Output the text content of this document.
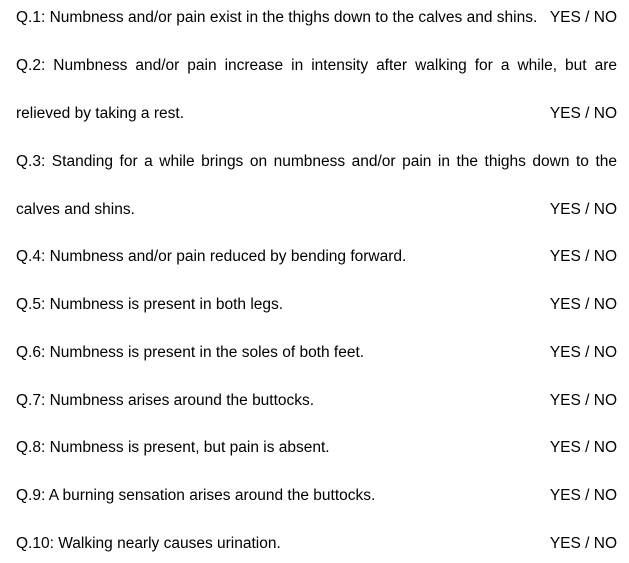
Q.1: Numbness and/or pain exist in the thighs down to the calves and shins. YES / NO
Q.2: Numbness and/or pain increase in intensity after walking for a while, but are
relieved by taking a rest.	YES / NO
Q.3: Standing for a while brings on numbness and/or pain in the thighs down to the
calves and shins.	YES / NO
Q.4: Numbness and/or pain reduced by bending forward.	YES / NO
Q.5: Numbness is present in both legs.	YES / NO
Q.6: Numbness is present in the soles of both feet.	YES / NO
Q.7: Numbness arises around the buttocks.	YES / NO
Q.8: Numbness is present, but pain is absent.	YES / NO
Q.9: A burning sensation arises around the buttocks.	YES / NO
Q.10: Walking nearly causes urination.	YES / NO
